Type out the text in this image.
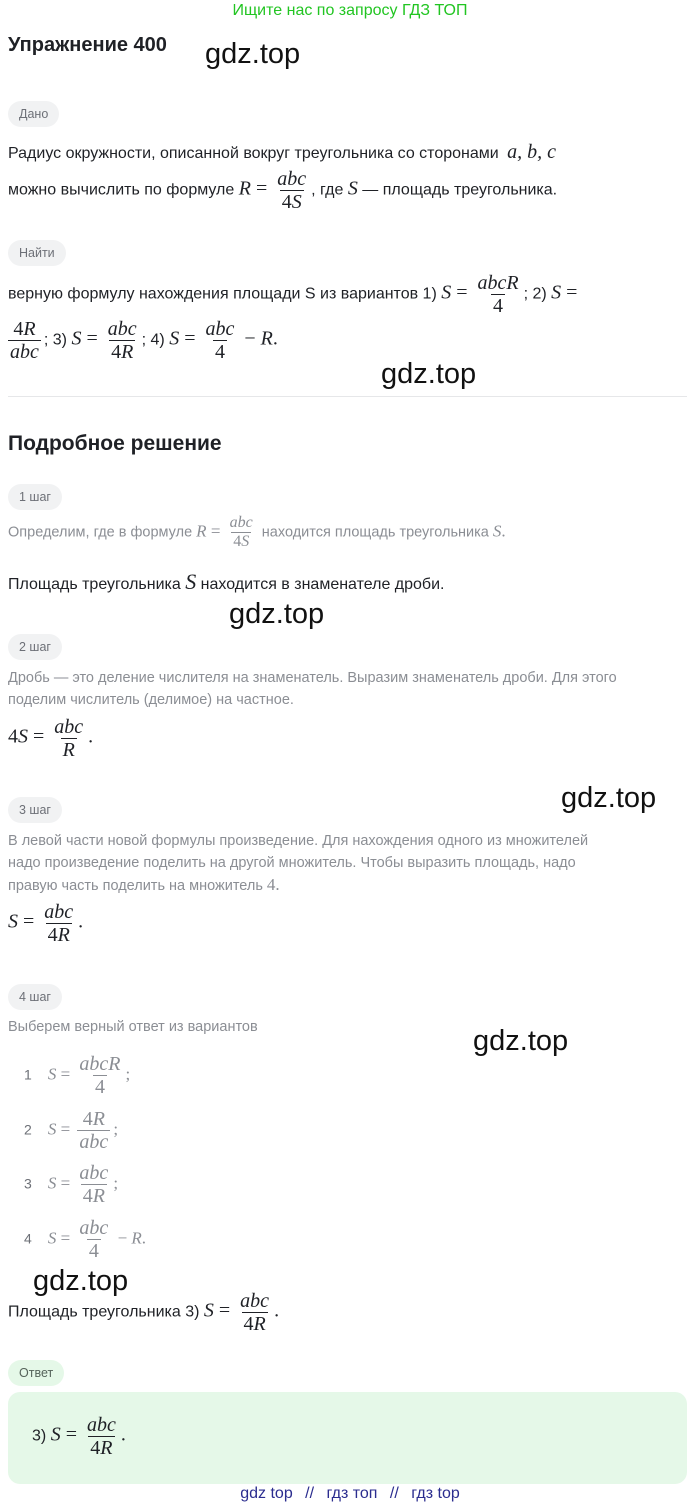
Ищите нас по запросу ГДЗ ТОП
Упражнение 400 gdz.top
gdz.top
gdz.top
gdz.top
gdz.top
gdz.top
Дано
Радиус окружности, описанной вокруг треугольника со сторонами a, b, c
можно вычислить по формуле $R = \frac{\text{abc}}{4S}$ , где S — площадь треугольника.
Найти
верную формулу нахождения площади S из вариантов 1) $S = \frac{\text{abcR}}{4}$ ; 2) S =
$\frac{4R}{\text{abc}}$ ; 3) $S = \frac{\text{abc}}{4R}$ ; 4) $S = \frac{\text{abc}}{4} - R$.
Подробное решение
1 шаг
Определим, где в формуле $R = \frac{\text{abc}}{4S}$ находится площадь треугольника S.
Площадь треугольника S находится в знаменателе дроби.
2 шаг
Дробь — это деление числителя на знаменатель. Выразим знаменатель дроби. Для этого
поделим числитель (делимое) на частное.
$4S = \frac{\text{abc}}{R}$ .
3 шаг
В левой части новой формулы произведение. Для нахождения одного из множителей
надо произведение поделить на другой множитель. Чтобы выразить площадь, надо
правую часть поделить на множитель 4.
$S = \frac{\text{abc}}{4R}$ .
4 шаг
Выберем верный ответ из вариантов
1 $S = \frac{\text{abcR}}{4}$ ;
2 $S = \frac{4R}{\text{abc}}$ ;
3 $S = \frac{\text{abc}}{4R}$ ;
4 $S = \frac{\text{abc}}{4} - R$.
Площадь треугольника 3) $S = \frac{\text{abc}}{4R}$ .
Ответ
3) $S = \frac{\text{abc}}{4R}$ .
gdz top // гдз топ // гдз top
